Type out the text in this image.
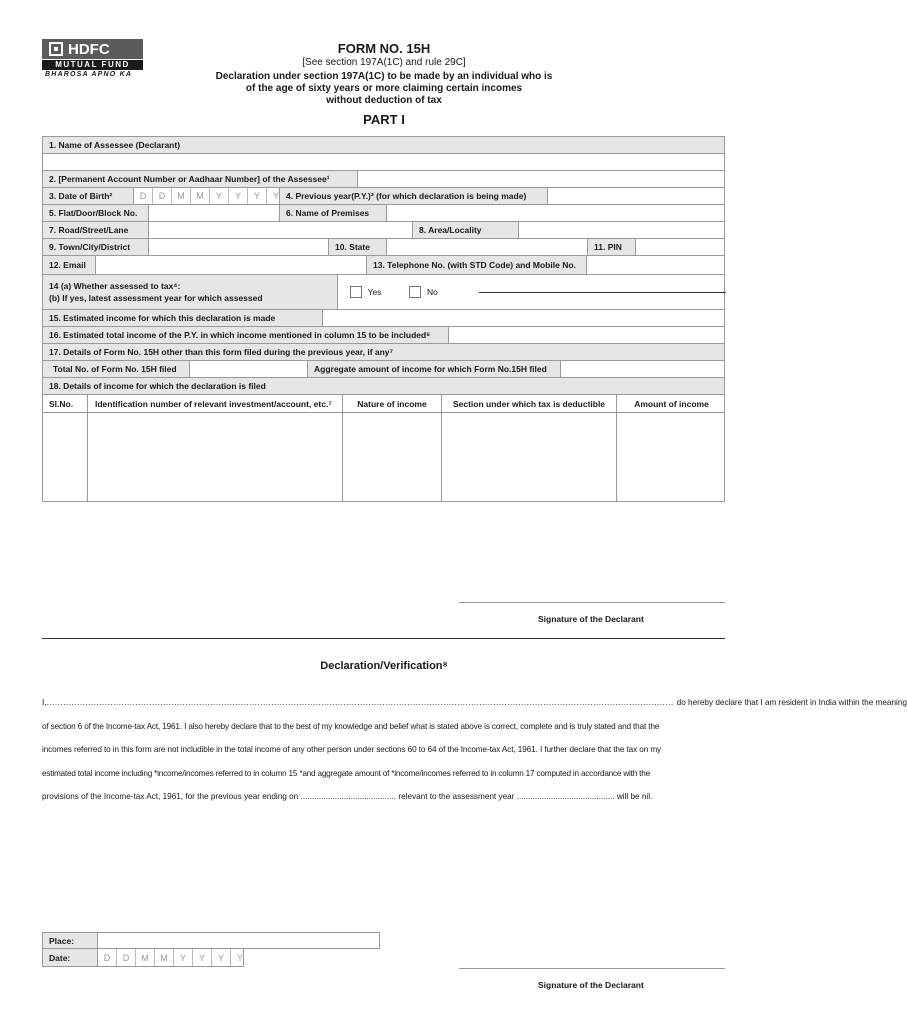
HDFC
MUTUAL FUND
BHAROSA APNO KA
FORM NO. 15H
[See section 197A(1C) and rule 29C]
Declaration under section 197A(1C) to be made by an individual who is
of the age of sixty years or more claiming certain incomes
without deduction of tax
PART I
1. Name of Assessee (Declarant)
2. [Permanent Account Number or Aadhaar Number] of the Assessee¹
3. Date of Birth²	D	D	M	M	Y	Y	Y	Y 4. Previous year(P.Y.)³ (for which declaration is being made)
5. Flat/Door/Block No.	6. Name of Premises
7. Road/Street/Lane	8. Area/Locality
9. Town/City/District	10. State	11. PIN
12. Email	13. Telephone No. (with STD Code) and Mobile No.
14 (a) Whether assessed to tax⁴:
(b) If yes, latest assessment year for which assessed
Yes	No
15. Estimated income for which this declaration is made
16. Estimated total income of the P.Y. in which income mentioned in column 15 to be included⁶
17. Details of Form No. 15H other than this form filed during the previous year, if any⁷
Total No. of Form No. 15H filed	Aggregate amount of income for which Form No.15H filed
18. Details of income for which the declaration is filed
Sl.No.	Identification number of relevant investment/account, etc.⁷	Nature of income	Section under which tax is deductible	Amount of income
Signature of the Declarant
Declaration/Verification⁸
I, .................................................................................................................................................................................................................................. do hereby declare that I am resident in India within the meaning
of section 6 of the Income-tax Act, 1961. I also hereby declare that to the best of my knowledge and belief what is stated above is correct, complete and is truly stated and that the
incomes referred to in this form are not includible in the total income of any other person under sections 60 to 64 of the Income-tax Act, 1961. I further declare that the tax on my
estimated total income including *income/incomes referred to in column 15 *and aggregate amount of *income/incomes referred to in column 17 computed in accordance with the
provisions of the Income-tax Act, 1961, for the previous year ending on .......................................... relevant to the assessment year ........................................... will be nil.
Place:
Date:	D	D	M	M	Y	Y	Y	Y
Signature of the Declarant
